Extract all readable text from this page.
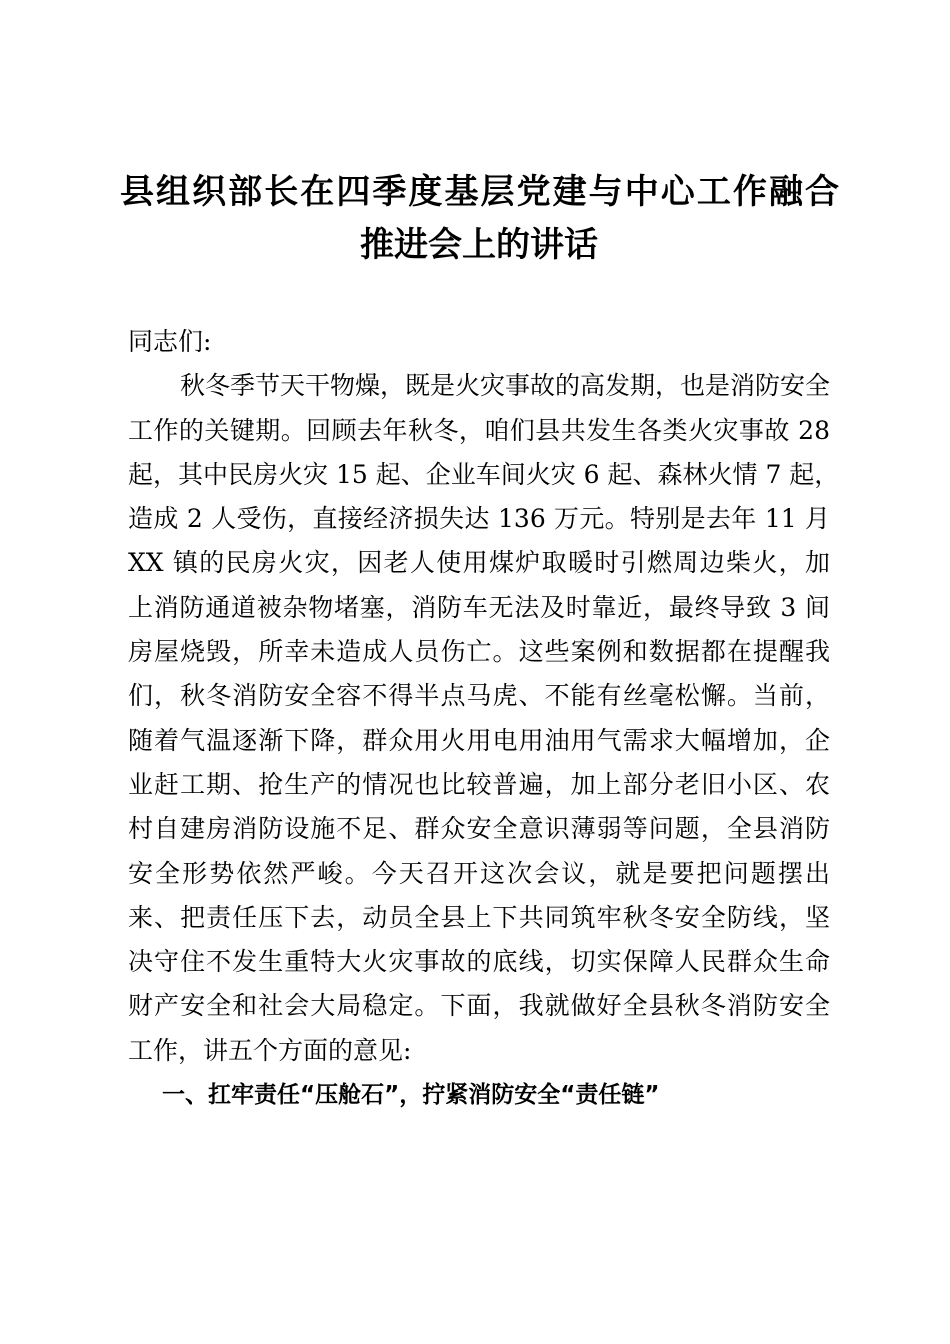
县组织部长在四季度基层党建与中心工作融合
推进会上的讲话
同志们:
秋冬季节天干物燥，既是火灾事故的高发期，也是消防安全
工作的关键期。回顾去年秋冬，咱们县共发生各类火灾事故 28
起，其中民房火灾 15 起、企业车间火灾 6 起、森林火情 7 起，
造成 2 人受伤，直接经济损失达 136 万元。特别是去年 11 月
XX 镇的民房火灾，因老人使用煤炉取暖时引燃周边柴火，加
上消防通道被杂物堵塞，消防车无法及时靠近，最终导致 3 间
房屋烧毁，所幸未造成人员伤亡。这些案例和数据都在提醒我
们，秋冬消防安全容不得半点马虎、不能有丝毫松懈。当前，
随着气温逐渐下降，群众用火用电用油用气需求大幅增加，企
业赶工期、抢生产的情况也比较普遍，加上部分老旧小区、农
村自建房消防设施不足、群众安全意识薄弱等问题，全县消防
安全形势依然严峻。今天召开这次会议，就是要把问题摆出
来、把责任压下去，动员全县上下共同筑牢秋冬安全防线，坚
决守住不发生重特大火灾事故的底线，切实保障人民群众生命
财产安全和社会大局稳定。下面，我就做好全县秋冬消防安全
工作，讲五个方面的意见:
一、扛牢责任“压舱石”，拧紧消防安全“责任链”
